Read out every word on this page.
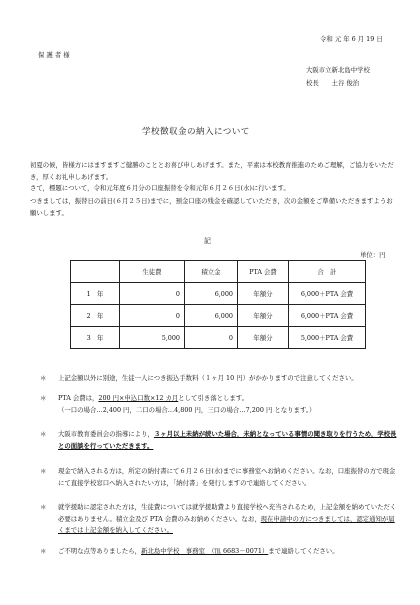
令和 元 年 6 月 19 日
保 護 者 様
大阪市立新北島中学校
校長　　土谷 俊治
学校徴収金の納入について
初夏の候，皆様方にはますますご健勝のこととお喜び申しあげます。また，平素は本校教育推進のためご理解，ご協力をいただき，厚くお礼申しあげます。
さて，標題について，令和元年度６月分の口座振替を令和元年６月２６日(水)に行います。
つきましては，振替日の前日(６月２５日)までに，預金口座の残金を確認していただき，次の金額をご準備いただきますようお願いします。
記
単位：円
	生徒費	積立金	PTA 会費	合　計
1　年	0	6,000	年額分	6,000＋PTA 会費
2　年	0	6,000	年額分	6,000＋PTA 会費
3　年	5,000	0	年額分	5,000＋PTA 会費
＊ 上記金額以外に別途，生徒一人につき振込手数料（１ヶ月 10 円）がかかりますので注意してください。
＊ PTA 会費は，200 円×申込口数×12 カ月として引き落とします。
（一口の場合…2,400 円，二口の場合…4,800 円，三口の場合…7,200 円 となります。）
＊ 大阪市教育委員会の指導により，３ヶ月以上未納が続いた場合，未納となっている事情の聞き取りを行うため，学校長との面談を行っていただきます。
＊ 現金で納入される方は，所定の納付書にて６月２６日(水)までに事務室へお納めください。なお，口座振替の方で現金にて直接学校窓口へ納入されたい方は，「納付書」を発行しますので連絡してください。
＊ 就学援助に認定された方は，生徒費については就学援助費より直接学校へ充当されるため，上記金額を納めていただく必要はありません。積立金及び PTA 会費のみお納めください。なお，現在申請中の方につきましては，認定通知が届くまでは上記金額を納入してください。
＊ ご不明な点等ありましたら，新北島中学校　事務室　（℡ 6683－0071）まで連絡してください。
